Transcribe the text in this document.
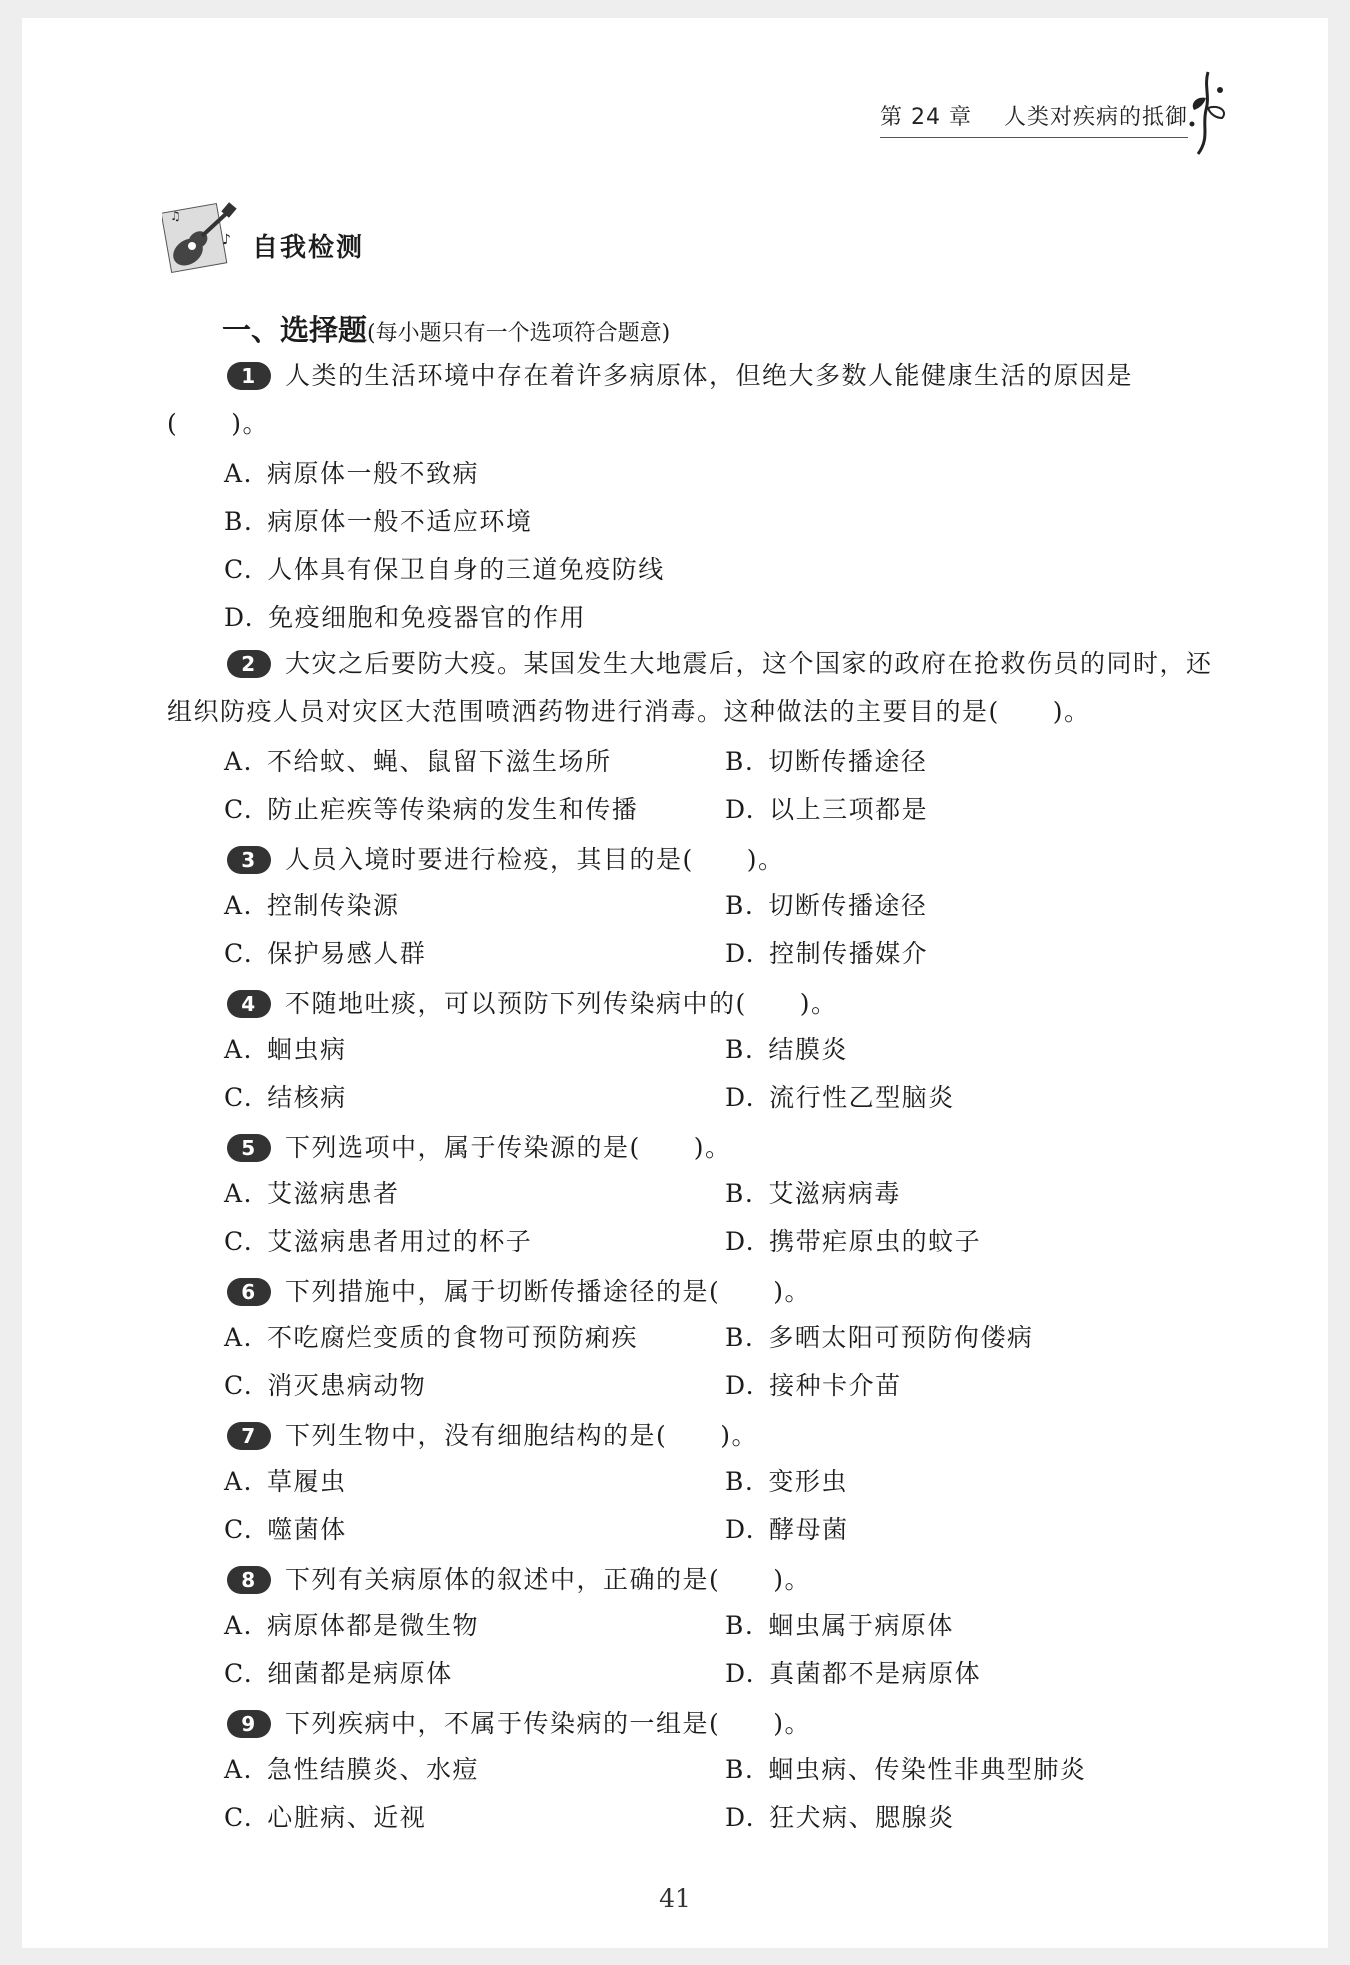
第 24 章 人类对疾病的抵御
♪
♫
自我检测
一、选择题(每小题只有一个选项符合题意)
1 人类的生活环境中存在着许多病原体，但绝大多数人能健康生活的原因是(　　)。
A. 病原体一般不致病
B. 病原体一般不适应环境
C. 人体具有保卫自身的三道免疫防线
D. 免疫细胞和免疫器官的作用
2 大灾之后要防大疫。某国发生大地震后，这个国家的政府在抢救伤员的同时，还组织防疫人员对灾区大范围喷洒药物进行消毒。这种做法的主要目的是(　　)。
A. 不给蚊、蝇、鼠留下滋生场所	B. 切断传播途径
C. 防止疟疾等传染病的发生和传播	D. 以上三项都是
3 人员入境时要进行检疫，其目的是(　　)。
A. 控制传染源	B. 切断传播途径
C. 保护易感人群	D. 控制传播媒介
4 不随地吐痰，可以预防下列传染病中的(　　)。
A. 蛔虫病	B. 结膜炎
C. 结核病	D. 流行性乙型脑炎
5 下列选项中，属于传染源的是(　　)。
A. 艾滋病患者	B. 艾滋病病毒
C. 艾滋病患者用过的杯子	D. 携带疟原虫的蚊子
6 下列措施中，属于切断传播途径的是(　　)。
A. 不吃腐烂变质的食物可预防痢疾	B. 多晒太阳可预防佝偻病
C. 消灭患病动物	D. 接种卡介苗
7 下列生物中，没有细胞结构的是(　　)。
A. 草履虫	B. 变形虫
C. 噬菌体	D. 酵母菌
8 下列有关病原体的叙述中，正确的是(　　)。
A. 病原体都是微生物	B. 蛔虫属于病原体
C. 细菌都是病原体	D. 真菌都不是病原体
9 下列疾病中，不属于传染病的一组是(　　)。
A. 急性结膜炎、水痘	B. 蛔虫病、传染性非典型肺炎
C. 心脏病、近视	D. 狂犬病、腮腺炎
41
